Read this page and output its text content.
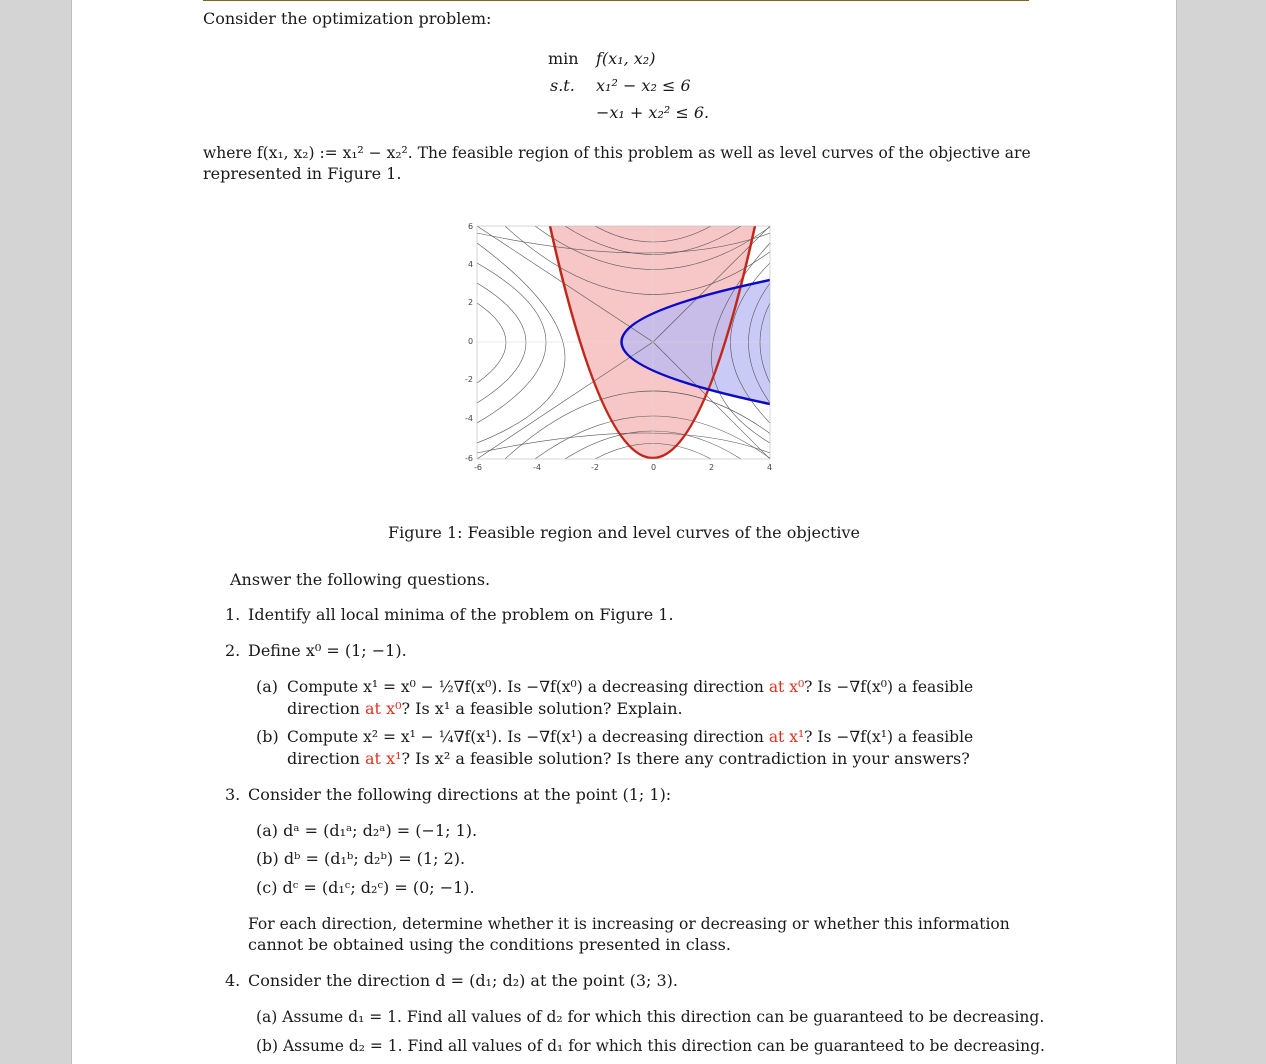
Consider the optimization problem:
min
s.t.
f(x₁, x₂)
x₁² − x₂ ≤ 6
−x₁ + x₂² ≤ 6.
where f(x₁, x₂) := x₁² − x₂². The feasible region of this problem as well as level curves of the objective are
represented in Figure 1.
6
4
2
0
-2
-4
-6
-6	-4	-2	0	2	4
Figure 1: Feasible region and level curves of the objective
Answer the following questions.
1. Identify all local minima of the problem on Figure 1.
2. Define x⁰ = (1; −1).
(a) Compute x¹ = x⁰ − ½∇f(x⁰). Is −∇f(x⁰) a decreasing direction at x⁰? Is −∇f(x⁰) a feasible
direction at x⁰? Is x¹ a feasible solution? Explain.
(b) Compute x² = x¹ − ¼∇f(x¹). Is −∇f(x¹) a decreasing direction at x¹? Is −∇f(x¹) a feasible
direction at x¹? Is x² a feasible solution? Is there any contradiction in your answers?
3. Consider the following directions at the point (1; 1):
(a) dᵃ = (d₁ᵃ; d₂ᵃ) = (−1; 1).
(b) dᵇ = (d₁ᵇ; d₂ᵇ) = (1; 2).
(c) dᶜ = (d₁ᶜ; d₂ᶜ) = (0; −1).
For each direction, determine whether it is increasing or decreasing or whether this information
cannot be obtained using the conditions presented in class.
4. Consider the direction d = (d₁; d₂) at the point (3; 3).
(a) Assume d₁ = 1. Find all values of d₂ for which this direction can be guaranteed to be decreasing.
(b) Assume d₂ = 1. Find all values of d₁ for which this direction can be guaranteed to be decreasing.
